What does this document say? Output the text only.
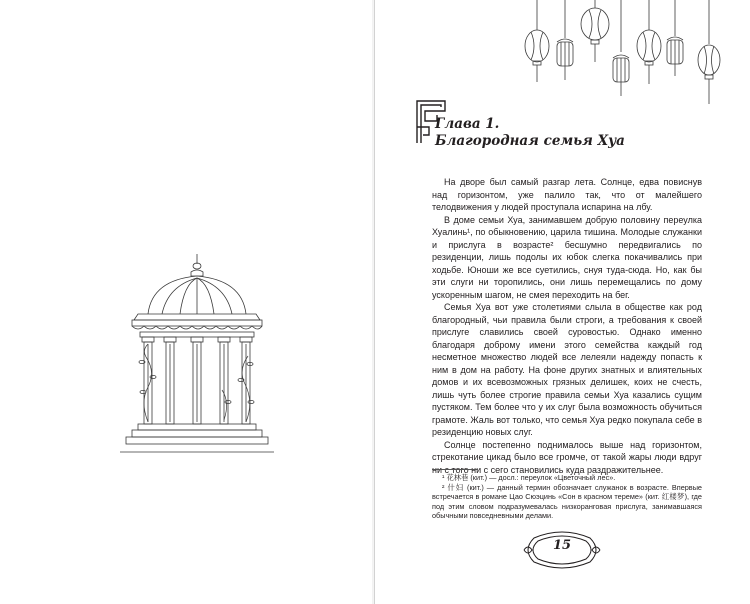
Глава 1.
Благородная семья Хуа

На дворе был самый разгар лета. Солнце, едва повиснув над горизонтом, уже палило так, что от малейшего телодвижения у людей проступала испарина на лбу.

В доме семьи Хуа, занимавшем добрую половину переулка Хуалинь¹, по обыкновению, царила тишина. Молодые служанки и прислуга в возрасте² бесшумно передвигались по резиденции, лишь подолы их юбок слегка покачивались при ходьбе. Юноши же все суетились, снуя туда-сюда. Но, как бы эти слуги ни торопились, они лишь перемещались по дому ускоренным шагом, не смея переходить на бег.

Семья Хуа вот уже столетиями слыла в обществе как род благородный, чьи правила были строги, а требования к своей прислуге славились своей суровостью. Однако именно благодаря доброму имени этого семейства каждый год несметное множество людей все лелеяли надежду попасть к ним в дом на работу. На фоне других знатных и влиятельных домов и их всевозможных грязных делишек, коих не счесть, лишь чуть более строгие правила семьи Хуа казались сущим пустяком. Тем более что у их слуг была возможность обучиться грамоте. Жаль вот только, что семья Хуа редко покупала себе в резиденцию новых слуг.

Солнце постепенно поднималось выше над горизонтом, стрекотание цикад было все громче, от такой жары люди вдруг ни с того ни с сего становились куда раздражительнее.

¹ 花林巷 (кит.) — досл.: переулок «Цветочный лес».

² 什妇 (кит.) — данный термин обозначает служанок в возрасте. Впервые встречается в романе Цао Сюэцинь «Сон в красном тереме» (кит. 红楼梦), где под этим словом подразумевалась низкоранговая прислуга, занимавшаяся обычными повседневными делами.

15
